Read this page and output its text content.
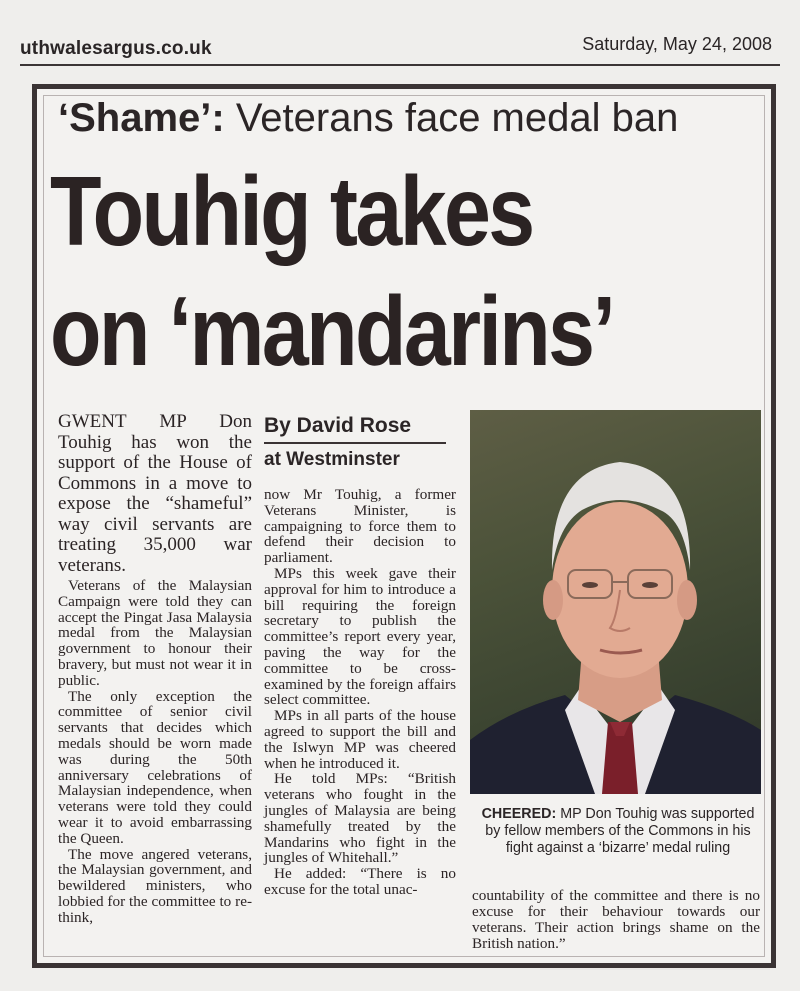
uthwalesargus.co.uk	Saturday, May 24, 2008
‘Shame’: Veterans face medal ban
Touhig takes
on ‘mandarins’

GWENT MP Don Touhig has won the support of the House of Commons in a move to expose the “shameful” way civil servants are treating 35,000 war veterans.

Veterans of the Malaysian Campaign were told they can accept the Pingat Jasa Malaysia medal from the Malaysian government to honour their bravery, but must not wear it in public.

The only exception the committee of senior civil servants that decides which medals should be worn made was during the 50th anniversary celebrations of Malaysian independence, when veterans were told they could wear it to avoid embarrassing the Queen.

The move angered veterans, the Malaysian government, and bewildered ministers, who lobbied for the committee to re-think,

By David Rose
at Westminster

now Mr Touhig, a former Veterans Minister, is campaigning to force them to defend their decision to parliament.

MPs this week gave their approval for him to introduce a bill requiring the foreign secretary to publish the committee’s report every year, paving the way for the committee to be cross-examined by the foreign affairs select committee.

MPs in all parts of the house agreed to support the bill and the Islwyn MP was cheered when he introduced it.

He told MPs: “British veterans who fought in the jungles of Malaysia are being shamefully treated by the Mandarins who fight in the jungles of Whitehall.”

He added: “There is no excuse for the total unac-

CHEERED: MP Don Touhig was supported by fellow members of the Commons in his fight against a ‘bizarre’ medal ruling
countability of the committee and there is no excuse for their behaviour towards our veterans. Their action brings shame on the British nation.”
